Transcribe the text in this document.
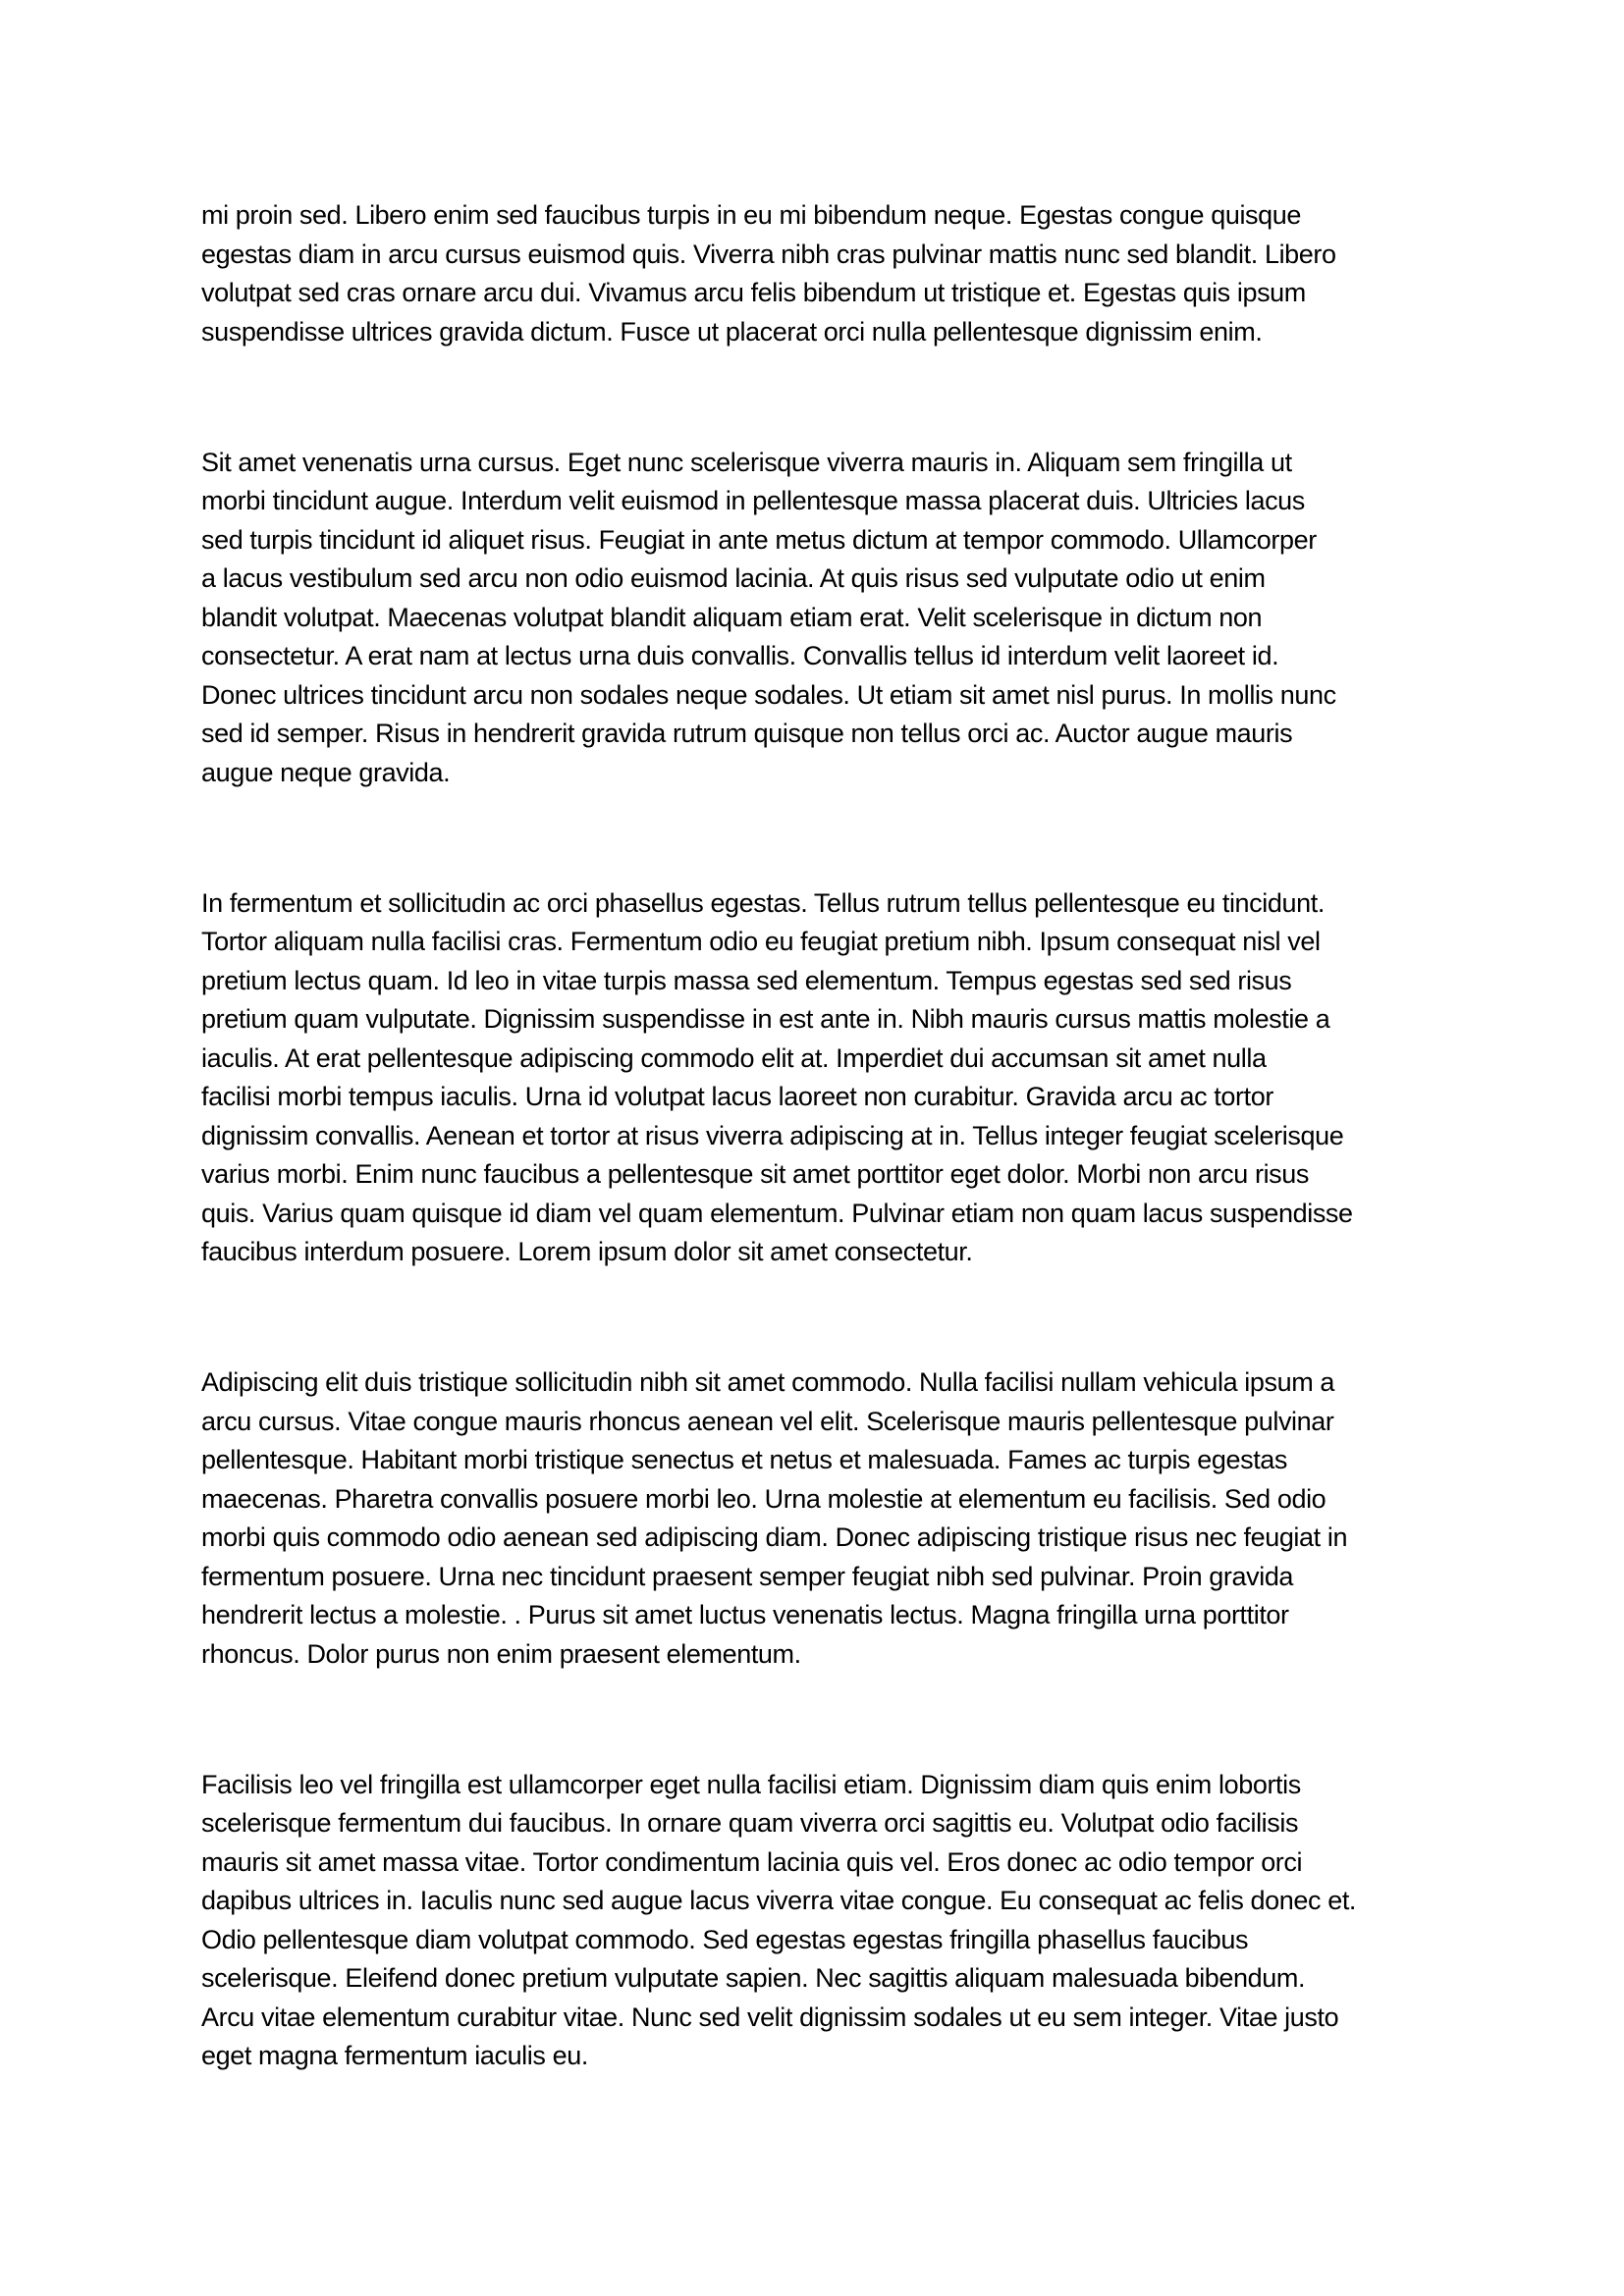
mi proin sed. Libero enim sed faucibus turpis in eu mi bibendum neque. Egestas congue quisque
egestas diam in arcu cursus euismod quis. Viverra nibh cras pulvinar mattis nunc sed blandit. Libero
volutpat sed cras ornare arcu dui. Vivamus arcu felis bibendum ut tristique et. Egestas quis ipsum
suspendisse ultrices gravida dictum. Fusce ut placerat orci nulla pellentesque dignissim enim.

Sit amet venenatis urna cursus. Eget nunc scelerisque viverra mauris in. Aliquam sem fringilla ut
morbi tincidunt augue. Interdum velit euismod in pellentesque massa placerat duis. Ultricies lacus
sed turpis tincidunt id aliquet risus. Feugiat in ante metus dictum at tempor commodo. Ullamcorper
a lacus vestibulum sed arcu non odio euismod lacinia. At quis risus sed vulputate odio ut enim
blandit volutpat. Maecenas volutpat blandit aliquam etiam erat. Velit scelerisque in dictum non
consectetur. A erat nam at lectus urna duis convallis. Convallis tellus id interdum velit laoreet id.
Donec ultrices tincidunt arcu non sodales neque sodales. Ut etiam sit amet nisl purus. In mollis nunc
sed id semper. Risus in hendrerit gravida rutrum quisque non tellus orci ac. Auctor augue mauris
augue neque gravida.

In fermentum et sollicitudin ac orci phasellus egestas. Tellus rutrum tellus pellentesque eu tincidunt.
Tortor aliquam nulla facilisi cras. Fermentum odio eu feugiat pretium nibh. Ipsum consequat nisl vel
pretium lectus quam. Id leo in vitae turpis massa sed elementum. Tempus egestas sed sed risus
pretium quam vulputate. Dignissim suspendisse in est ante in. Nibh mauris cursus mattis molestie a
iaculis. At erat pellentesque adipiscing commodo elit at. Imperdiet dui accumsan sit amet nulla
facilisi morbi tempus iaculis. Urna id volutpat lacus laoreet non curabitur. Gravida arcu ac tortor
dignissim convallis. Aenean et tortor at risus viverra adipiscing at in. Tellus integer feugiat scelerisque
varius morbi. Enim nunc faucibus a pellentesque sit amet porttitor eget dolor. Morbi non arcu risus
quis. Varius quam quisque id diam vel quam elementum. Pulvinar etiam non quam lacus suspendisse
faucibus interdum posuere. Lorem ipsum dolor sit amet consectetur.

Adipiscing elit duis tristique sollicitudin nibh sit amet commodo. Nulla facilisi nullam vehicula ipsum a
arcu cursus. Vitae congue mauris rhoncus aenean vel elit. Scelerisque mauris pellentesque pulvinar
pellentesque. Habitant morbi tristique senectus et netus et malesuada. Fames ac turpis egestas
maecenas. Pharetra convallis posuere morbi leo. Urna molestie at elementum eu facilisis. Sed odio
morbi quis commodo odio aenean sed adipiscing diam. Donec adipiscing tristique risus nec feugiat in
fermentum posuere. Urna nec tincidunt praesent semper feugiat nibh sed pulvinar. Proin gravida
hendrerit lectus a molestie. . Purus sit amet luctus venenatis lectus. Magna fringilla urna porttitor
rhoncus. Dolor purus non enim praesent elementum.

Facilisis leo vel fringilla est ullamcorper eget nulla facilisi etiam. Dignissim diam quis enim lobortis
scelerisque fermentum dui faucibus. In ornare quam viverra orci sagittis eu. Volutpat odio facilisis
mauris sit amet massa vitae. Tortor condimentum lacinia quis vel. Eros donec ac odio tempor orci
dapibus ultrices in. Iaculis nunc sed augue lacus viverra vitae congue. Eu consequat ac felis donec et.
Odio pellentesque diam volutpat commodo. Sed egestas egestas fringilla phasellus faucibus
scelerisque. Eleifend donec pretium vulputate sapien. Nec sagittis aliquam malesuada bibendum.
Arcu vitae elementum curabitur vitae. Nunc sed velit dignissim sodales ut eu sem integer. Vitae justo
eget magna fermentum iaculis eu.
